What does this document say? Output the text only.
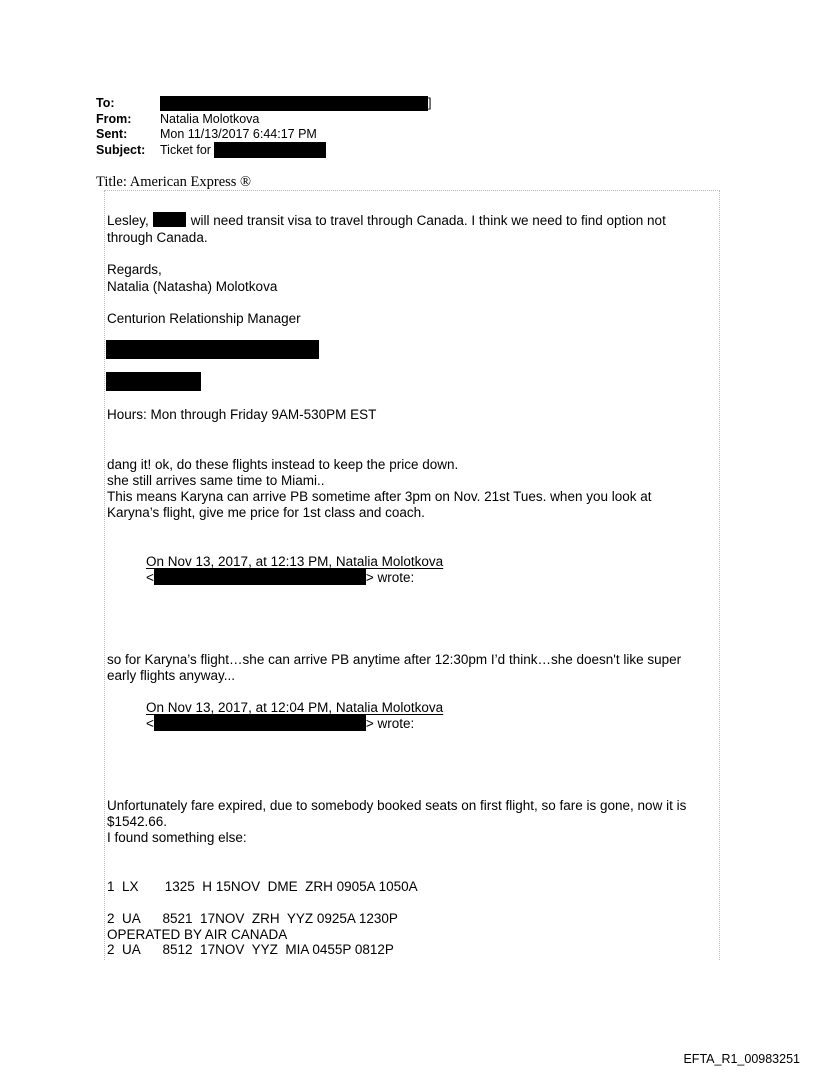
To:	]
From:	Natalia Molotkova
Sent:	Mon 11/13/2017 6:44:17 PM
Subject:	Ticket for
Title: American Express ®
Lesley,	will need transit visa to travel through Canada. I think we need to find option not
through Canada.
Regards,
Natalia (Natasha) Molotkova
Centurion Relationship Manager
Hours: Mon through Friday 9AM-530PM EST
dang it! ok, do these flights instead to keep the price down.
she still arrives same time to Miami..
This means Karyna can arrive PB sometime after 3pm on Nov. 21st Tues. when you look at
Karyna’s flight, give me price for 1st class and coach.
On Nov 13, 2017, at 12:13 PM, Natalia Molotkova
<	> wrote:
so for Karyna’s flight…she can arrive PB anytime after 12:30pm I’d think…she doesn't like super
early flights anyway...
On Nov 13, 2017, at 12:04 PM, Natalia Molotkova
<	> wrote:
Unfortunately fare expired, due to somebody booked seats on first flight, so fare is gone, now it is
$1542.66.
I found something else:
1  LX       1325  H 15NOV  DME  ZRH 0905A 1050A
2  UA      8521  17NOV  ZRH  YYZ 0925A 1230P
OPERATED BY AIR CANADA
2  UA      8512  17NOV  YYZ  MIA 0455P 0812P
EFTA_R1_00983251
